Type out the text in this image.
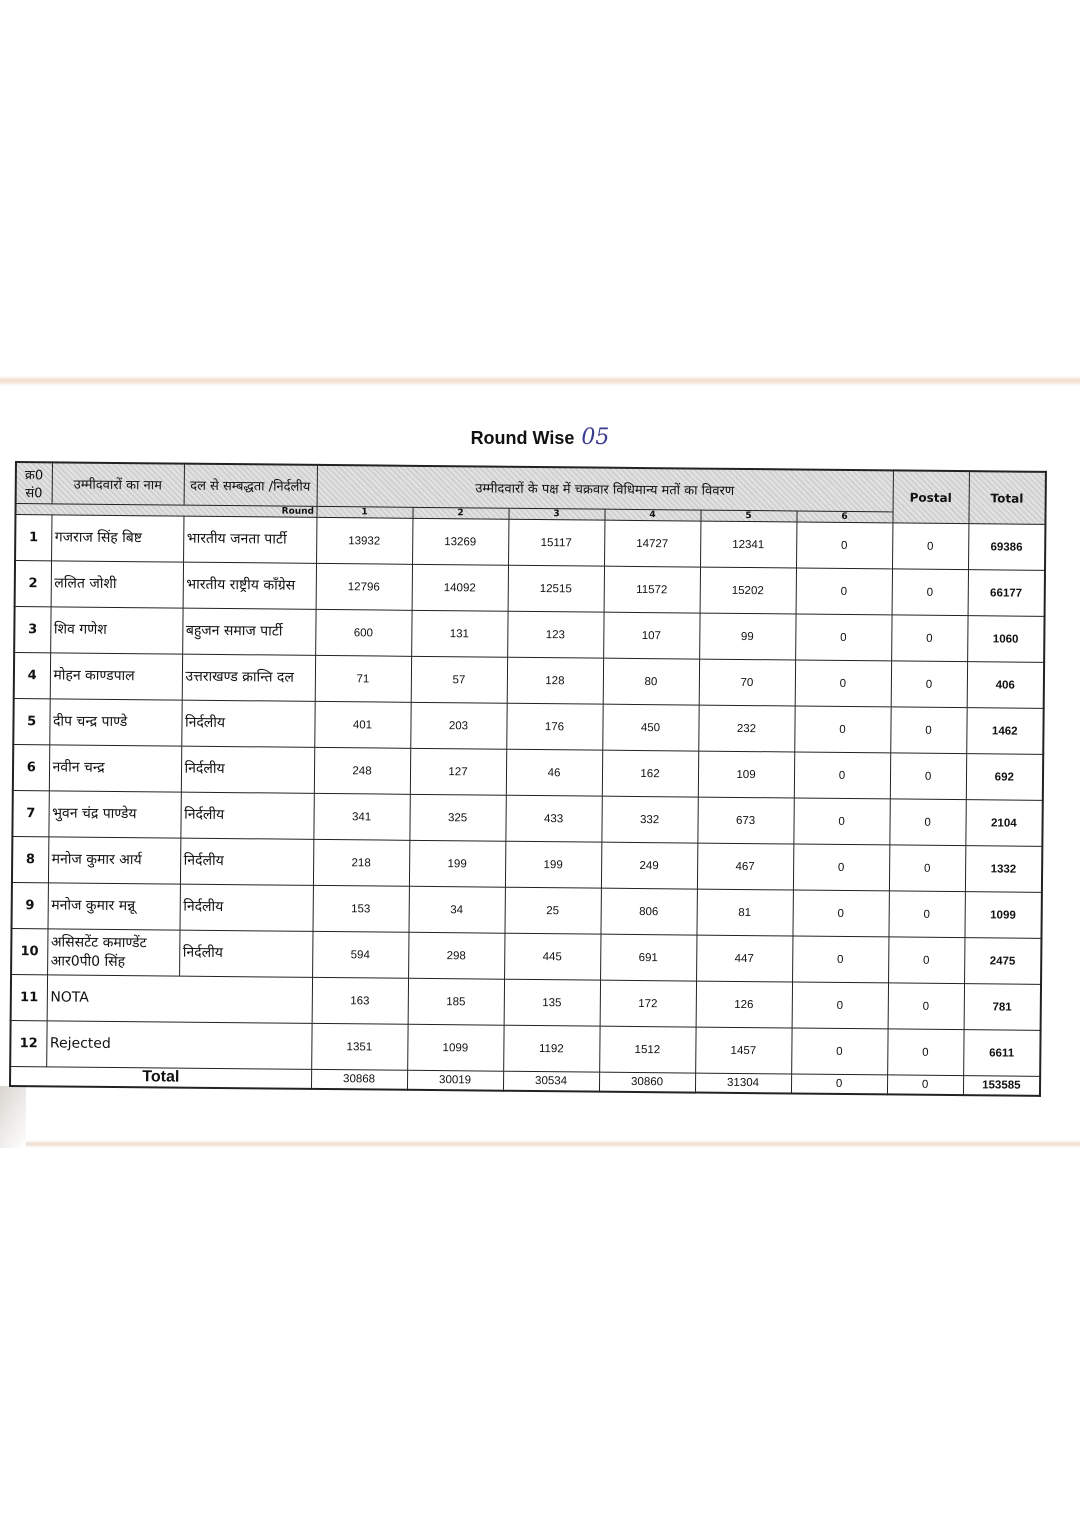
Round Wise 05
क्र0 सं0	उम्मीदवारों का नाम	दल से सम्बद्धता /निर्दलीय	उम्मीदवारों के पक्ष में चक्रवार विधिमान्य मतों का विवरण						Postal	Total
Round			1	2	3	4	5	6		
1	गजराज सिंह बिष्ट	भारतीय जनता पार्टी	13932	13269	15117	14727	12341	0	0	69386
2	ललित जोशी	भारतीय राष्ट्रीय कॉंग्रेस	12796	14092	12515	11572	15202	0	0	66177
3	शिव गणेश	बहुजन समाज पार्टी	600	131	123	107	99	0	0	1060
4	मोहन काण्डपाल	उत्तराखण्ड क्रान्ति दल	71	57	128	80	70	0	0	406
5	दीप चन्द्र पाण्डे	निर्दलीय	401	203	176	450	232	0	0	1462
6	नवीन चन्द्र	निर्दलीय	248	127	46	162	109	0	0	692
7	भुवन चंद्र पाण्डेय	निर्दलीय	341	325	433	332	673	0	0	2104
8	मनोज कुमार आर्य	निर्दलीय	218	199	199	249	467	0	0	1332
9	मनोज कुमार मन्नू	निर्दलीय	153	34	25	806	81	0	0	1099
10	असिसटेंट कमाण्डेंट आर0पी0 सिंह	निर्दलीय	594	298	445	691	447	0	0	2475
11	NOTA		163	185	135	172	126	0	0	781
12	Rejected		1351	1099	1192	1512	1457	0	0	6611
Total			30868	30019	30534	30860	31304	0	0	153585
